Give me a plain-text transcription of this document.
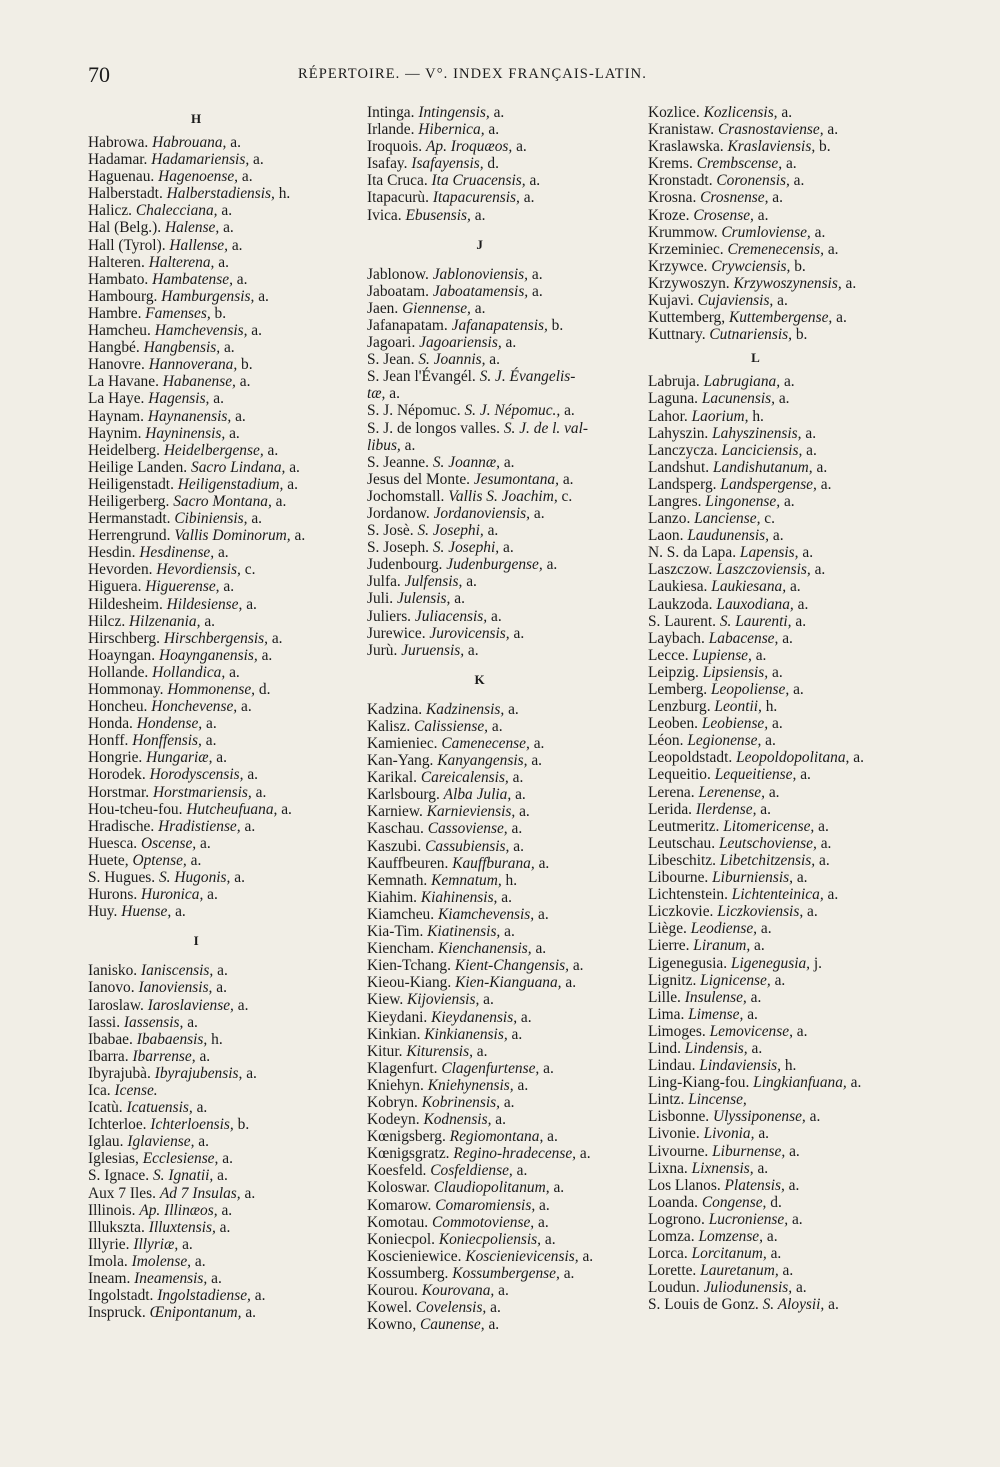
70	RÉPERTOIRE. — V°. INDEX FRANÇAIS-LATIN.
H
Habrowa. Habrouana, a.
Hadamar. Hadamariensis, a.
Haguenau. Hagenoense, a.
Halberstadt. Halberstadiensis, h.
Halicz. Chalecciana, a.
Hal (Belg.). Halense, a.
Hall (Tyrol). Hallense, a.
Halteren. Halterena, a.
Hambato. Hambatense, a.
Hambourg. Hamburgensis, a.
Hambre. Famenses, b.
Hamcheu. Hamchevensis, a.
Hangbé. Hangbensis, a.
Hanovre. Hannoverana, b.
La Havane. Habanense, a.
La Haye. Hagensis, a.
Haynam. Haynanensis, a.
Haynim. Hayninensis, a.
Heidelberg. Heidelbergense, a.
Heilige Landen. Sacro Lindana, a.
Heiligenstadt. Heiligenstadium, a.
Heiligerberg. Sacro Montana, a.
Hermanstadt. Cibiniensis, a.
Herrengrund. Vallis Dominorum, a.
Hesdin. Hesdinense, a.
Hevorden. Hevordiensis, c.
Higuera. Higuerense, a.
Hildesheim. Hildesiense, a.
Hilcz. Hilzenania, a.
Hirschberg. Hirschbergensis, a.
Hoayngan. Hoaynganensis, a.
Hollande. Hollandica, a.
Hommonay. Hommonense, d.
Honcheu. Honchevense, a.
Honda. Hondense, a.
Honff. Honffensis, a.
Hongrie. Hungariæ, a.
Horodek. Horodyscensis, a.
Horstmar. Horstmariensis, a.
Hou-tcheu-fou. Hutcheufuana, a.
Hradische. Hradistiense, a.
Huesca. Oscense, a.
Huete, Optense, a.
S. Hugues. S. Hugonis, a.
Hurons. Huronica, a.
Huy. Huense, a.
I
Ianisko. Ianiscensis, a.
Ianovo. Ianoviensis, a.
Iaroslaw. Iaroslaviense, a.
Iassi. Iassensis, a.
Ibabae. Ibabaensis, h.
Ibarra. Ibarrense, a.
Ibyrajubà. Ibyrajubensis, a.
Ica. Icense.
Icatù. Icatuensis, a.
Ichterloe. Ichterloensis, b.
Iglau. Iglaviense, a.
Iglesias, Ecclesiense, a.
S. Ignace. S. Ignatii, a.
Aux 7 Iles. Ad 7 Insulas, a.
Illinois. Ap. Illinæos, a.
Illukszta. Illuxtensis, a.
Illyrie. Illyriæ, a.
Imola. Imolense, a.
Ineam. Ineamensis, a.
Ingolstadt. Ingolstadiense, a.
Inspruck. Œnipontanum, a.
Intinga. Intingensis, a.
Irlande. Hibernica, a.
Iroquois. Ap. Iroquæos, a.
Isafay. Isafayensis, d.
Ita Cruca. Ita Cruacensis, a.
Itapacurù. Itapacurensis, a.
Ivica. Ebusensis, a.
J
Jablonow. Jablonoviensis, a.
Jaboatam. Jaboatamensis, a.
Jaen. Giennense, a.
Jafanapatam. Jafanapatensis, b.
Jagoari. Jagoariensis, a.
S. Jean. S. Joannis, a.
S. Jean l'Évangél. S. J. Évangelis-
tæ, a.
S. J. Népomuc. S. J. Népomuc., a.
S. J. de longos valles. S. J. de l. val-
libus, a.
S. Jeanne. S. Joannæ, a.
Jesus del Monte. Jesumontana, a.
Jochomstall. Vallis S. Joachim, c.
Jordanow. Jordanoviensis, a.
S. Josè. S. Josephi, a.
S. Joseph. S. Josephi, a.
Judenbourg. Judenburgense, a.
Julfa. Julfensis, a.
Juli. Julensis, a.
Juliers. Juliacensis, a.
Jurewice. Jurovicensis, a.
Jurù. Juruensis, a.
K
Kadzina. Kadzinensis, a.
Kalisz. Calissiense, a.
Kamieniec. Camenecense, a.
Kan-Yang. Kanyangensis, a.
Karikal. Careicalensis, a.
Karlsbourg. Alba Julia, a.
Karniew. Karnieviensis, a.
Kaschau. Cassoviense, a.
Kaszubi. Cassubiensis, a.
Kauffbeuren. Kauffburana, a.
Kemnath. Kemnatum, h.
Kiahim. Kiahinensis, a.
Kiamcheu. Kiamchevensis, a.
Kia-Tim. Kiatinensis, a.
Kiencham. Kienchanensis, a.
Kien-Tchang. Kient-Changensis, a.
Kieou-Kiang. Kien-Kianguana, a.
Kiew. Kijoviensis, a.
Kieydani. Kieydanensis, a.
Kinkian. Kinkianensis, a.
Kitur. Kiturensis, a.
Klagenfurt. Clagenfurtense, a.
Kniehyn. Kniehynensis, a.
Kobryn. Kobrinensis, a.
Kodeyn. Kodnensis, a.
Kœnigsberg. Regiomontana, a.
Kœnigsgratz. Regino-hradecense, a.
Koesfeld. Cosfeldiense, a.
Koloswar. Claudiopolitanum, a.
Komarow. Comaromiensis, a.
Komotau. Commotoviense, a.
Koniecpol. Koniecpoliensis, a.
Koscieniewice. Koscienievicensis, a.
Kossumberg. Kossumbergense, a.
Kourou. Kourovana, a.
Kowel. Covelensis, a.
Kowno, Caunense, a.
Kozlice. Kozlicensis, a.
Kranistaw. Crasnostaviense, a.
Kraslawska. Kraslaviensis, b.
Krems. Crembscense, a.
Kronstadt. Coronensis, a.
Krosna. Crosnense, a.
Kroze. Crosense, a.
Krummow. Crumloviense, a.
Krzeminiec. Cremenecensis, a.
Krzywce. Crywciensis, b.
Krzywoszyn. Krzywoszynensis, a.
Kujavi. Cujaviensis, a.
Kuttemberg, Kuttembergense, a.
Kuttnary. Cutnariensis, b.
L
Labruja. Labrugiana, a.
Laguna. Lacunensis, a.
Lahor. Laorium, h.
Lahyszin. Lahyszinensis, a.
Lanczycza. Lanciciensis, a.
Landshut. Landishutanum, a.
Landsperg. Landspergense, a.
Langres. Lingonense, a.
Lanzo. Lanciense, c.
Laon. Laudunensis, a.
N. S. da Lapa. Lapensis, a.
Laszczow. Laszczoviensis, a.
Laukiesa. Laukiesana, a.
Laukzoda. Lauxodiana, a.
S. Laurent. S. Laurenti, a.
Laybach. Labacense, a.
Lecce. Lupiense, a.
Leipzig. Lipsiensis, a.
Lemberg. Leopoliense, a.
Lenzburg. Leontii, h.
Leoben. Leobiense, a.
Léon. Legionense, a.
Leopoldstadt. Leopoldopolitana, a.
Lequeitio. Lequeitiense, a.
Lerena. Lerenense, a.
Lerida. Ilerdense, a.
Leutmeritz. Litomericense, a.
Leutschau. Leutschoviense, a.
Libeschitz. Libetchitzensis, a.
Libourne. Liburniensis, a.
Lichtenstein. Lichtenteinica, a.
Liczkovie. Liczkoviensis, a.
Liège. Leodiense, a.
Lierre. Liranum, a.
Ligenegusia. Ligenegusia, j.
Lignitz. Lignicense, a.
Lille. Insulense, a.
Lima. Limense, a.
Limoges. Lemovicense, a.
Lind. Lindensis, a.
Lindau. Lindaviensis, h.
Ling-Kiang-fou. Lingkianfuana, a.
Lintz. Lincense,
Lisbonne. Ulyssiponense, a.
Livonie. Livonia, a.
Livourne. Liburnense, a.
Lixna. Lixnensis, a.
Los Llanos. Platensis, a.
Loanda. Congense, d.
Logrono. Lucroniense, a.
Lomza. Lomzense, a.
Lorca. Lorcitanum, a.
Lorette. Lauretanum, a.
Loudun. Juliodunensis, a.
S. Louis de Gonz. S. Aloysii, a.
